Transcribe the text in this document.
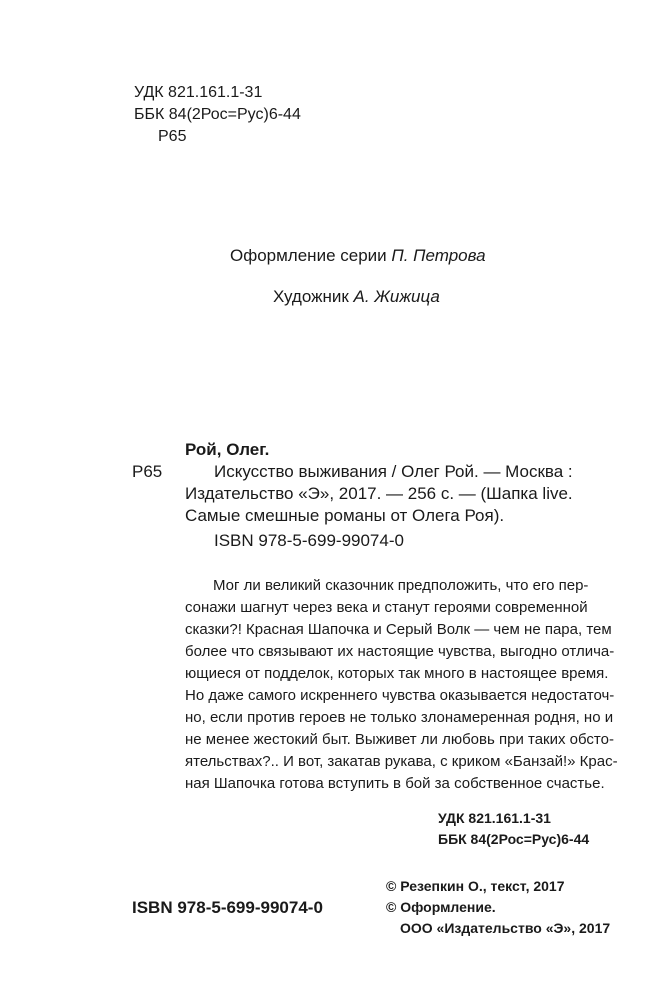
УДК 821.161.1-31
ББК 84(2Рос=Рус)6-44
Р65
Оформление серии П. Петрова
Художник А. Жижица
Рой, Олег.
Р65	Искусство выживания / Олег Рой. — Москва :
Издательство «Э», 2017. — 256 с. — (Шапка live.
Самые смешные романы от Олега Роя).
ISBN 978-5-699-99074-0
Мог ли великий сказочник предположить, что его пер-
сонажи шагнут через века и станут героями современной
сказки?! Красная Шапочка и Серый Волк — чем не пара, тем
более что связывают их настоящие чувства, выгодно отлича-
ющиеся от подделок, которых так много в настоящее время.
Но даже самого искреннего чувства оказывается недостаточ-
но, если против героев не только злонамеренная родня, но и
не менее жестокий быт. Выживет ли любовь при таких обсто-
ятельствах?.. И вот, закатав рукава, с криком «Банзай!» Крас-
ная Шапочка готова вступить в бой за собственное счастье.
УДК 821.161.1-31
ББК 84(2Рос=Рус)6-44
© Резепкин О., текст, 2017
© Оформление.
ООО «Издательство «Э», 2017
ISBN 978-5-699-99074-0
